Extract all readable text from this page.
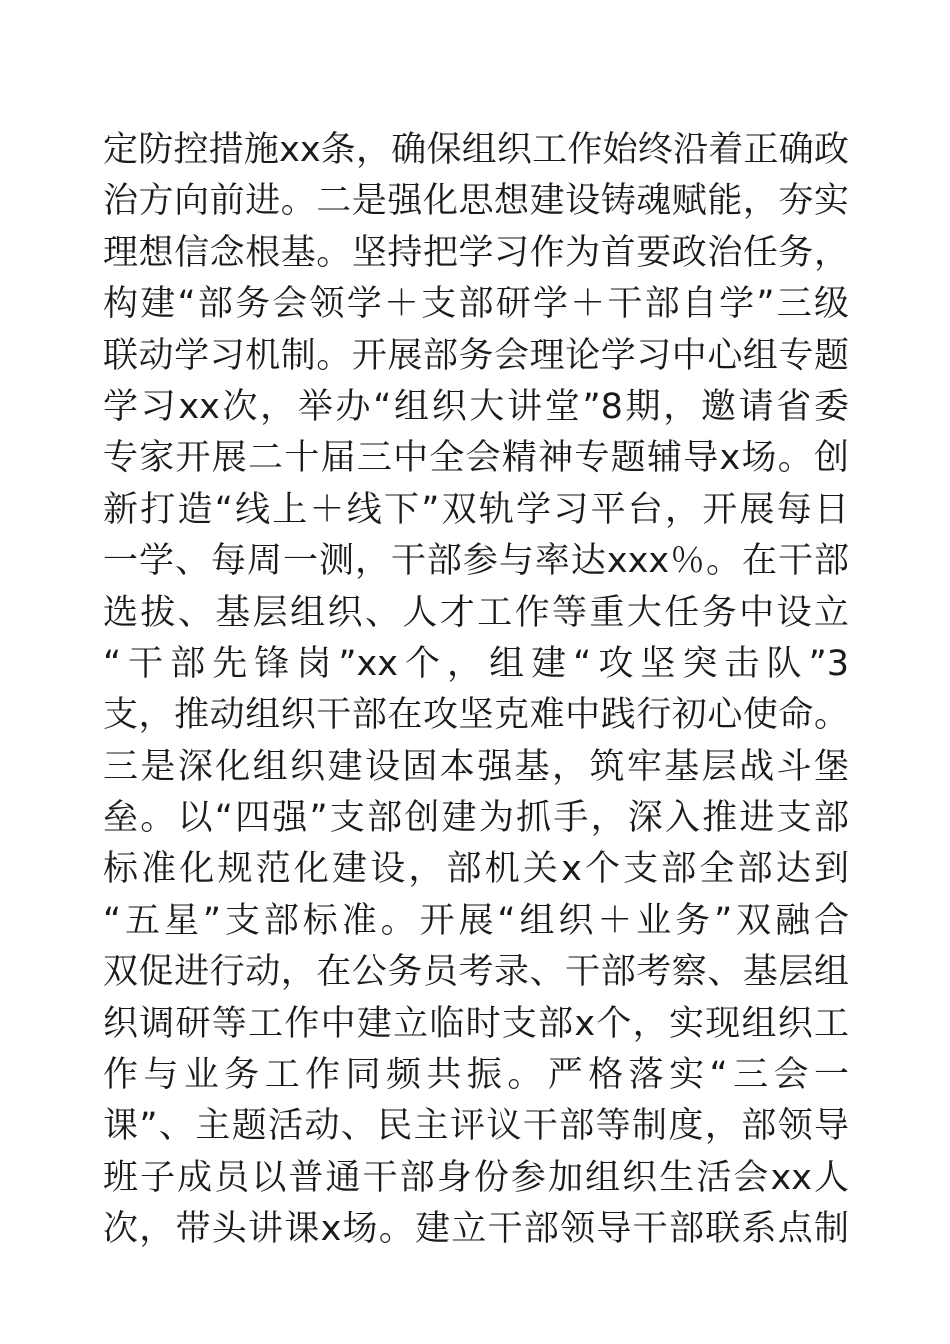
定防控措施xx条，确保组织工作始终沿着正确政
治方向前进。二是强化思想建设铸魂赋能，夯实
理想信念根基。坚持把学习作为首要政治任务，
构建“部务会领学＋支部研学＋干部自学”三级
联动学习机制。开展部务会理论学习中心组专题
学习xx次，举办“组织大讲堂”8期，邀请省委
专家开展二十届三中全会精神专题辅导x场。创
新打造“线上＋线下”双轨学习平台，开展每日
一学、每周一测，干部参与率达xxx％。在干部
选拔、基层组织、人才工作等重大任务中设立
“干部先锋岗”xx个，组建“攻坚突击队”3
支，推动组织干部在攻坚克难中践行初心使命。
三是深化组织建设固本强基，筑牢基层战斗堡
垒。以“四强”支部创建为抓手，深入推进支部
标准化规范化建设，部机关x个支部全部达到
“五星”支部标准。开展“组织＋业务”双融合
双促进行动，在公务员考录、干部考察、基层组
织调研等工作中建立临时支部x个，实现组织工
作与业务工作同频共振。严格落实“三会一
课”、主题活动、民主评议干部等制度，部领导
班子成员以普通干部身份参加组织生活会xx人
次，带头讲课x场。建立干部领导干部联系点制
